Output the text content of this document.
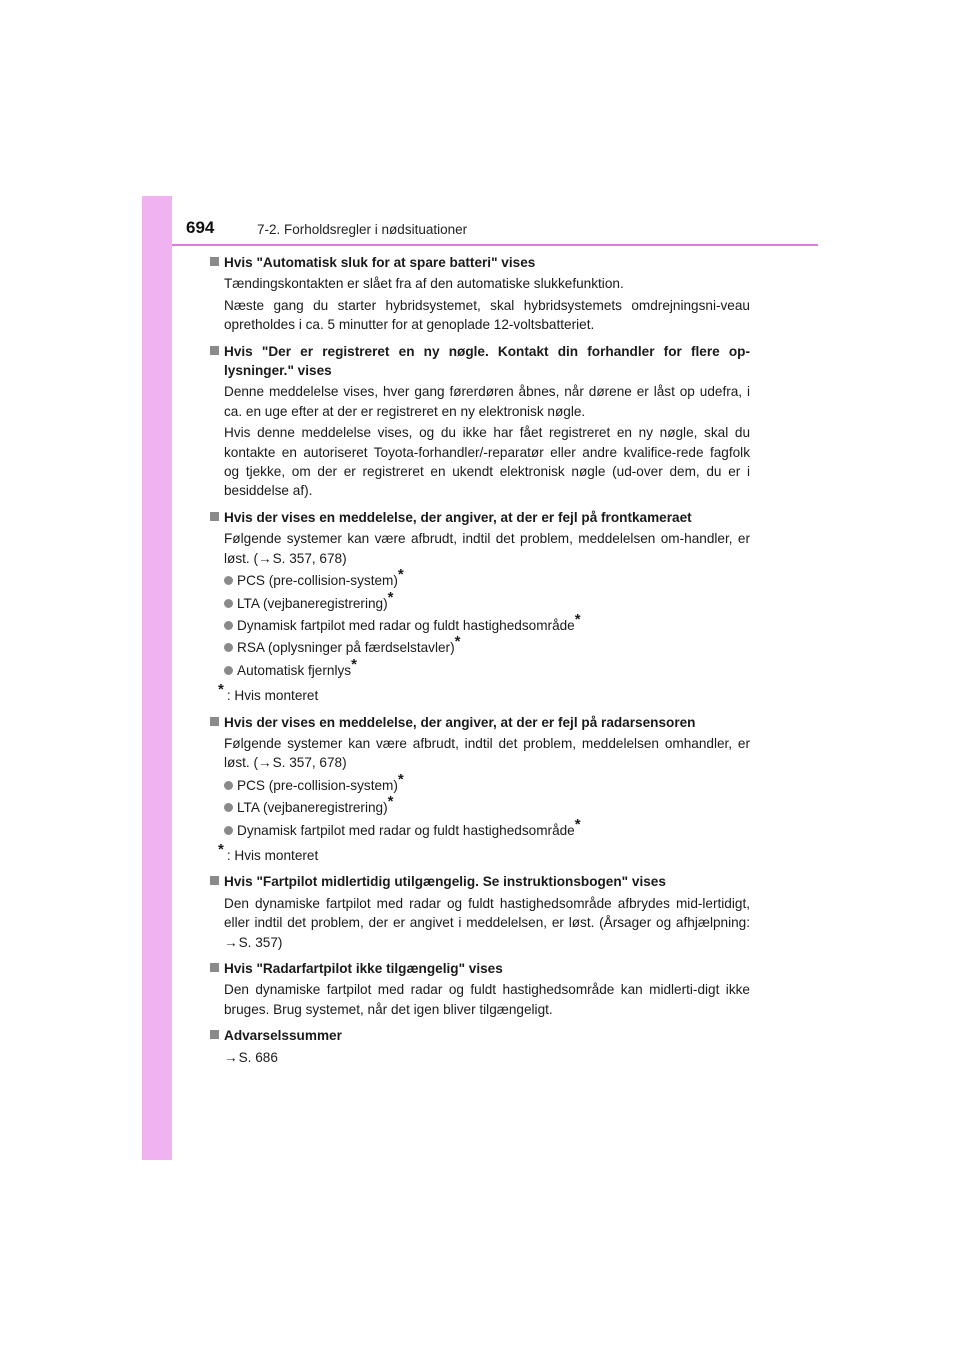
694	7-2. Forholdsregler i nødsituationer
Hvis "Automatisk sluk for at spare batteri" vises

Tændingskontakten er slået fra af den automatiske slukkefunktion.

Næste gang du starter hybridsystemet, skal hybridsystemets omdrejningsni-veau opretholdes i ca. 5 minutter for at genoplade 12-voltsbatteriet.

Hvis "Der er registreret en ny nøgle. Kontakt din forhandler for flere op-lysninger." vises

Denne meddelelse vises, hver gang førerdøren åbnes, når dørene er låst op udefra, i ca. en uge efter at der er registreret en ny elektronisk nøgle.

Hvis denne meddelelse vises, og du ikke har fået registreret en ny nøgle, skal du kontakte en autoriseret Toyota-forhandler/-reparatør eller andre kvalifice-rede fagfolk og tjekke, om der er registreret en ukendt elektronisk nøgle (ud-over dem, du er i besiddelse af).

Hvis der vises en meddelelse, der angiver, at der er fejl på frontkameraet

Følgende systemer kan være afbrudt, indtil det problem, meddelelsen om-handler, er løst. (→S. 357, 678)

PCS (pre-collision-system)*
LTA (vejbaneregistrering)*
Dynamisk fartpilot med radar og fuldt hastighedsområde*
RSA (oplysninger på færdselstavler)*
Automatisk fjernlys*
* : Hvis monteret
Hvis der vises en meddelelse, der angiver, at der er fejl på radarsensoren

Følgende systemer kan være afbrudt, indtil det problem, meddelelsen omhandler, er løst. (→S. 357, 678)

PCS (pre-collision-system)*
LTA (vejbaneregistrering)*
Dynamisk fartpilot med radar og fuldt hastighedsområde*
* : Hvis monteret
Hvis "Fartpilot midlertidig utilgængelig. Se instruktionsbogen" vises

Den dynamiske fartpilot med radar og fuldt hastighedsområde afbrydes mid-lertidigt, eller indtil det problem, der er angivet i meddelelsen, er løst. (Årsager og afhjælpning: →S. 357)

Hvis "Radarfartpilot ikke tilgængelig" vises

Den dynamiske fartpilot med radar og fuldt hastighedsområde kan midlerti-digt ikke bruges. Brug systemet, når det igen bliver tilgængeligt.

Advarselssummer

→S. 686
